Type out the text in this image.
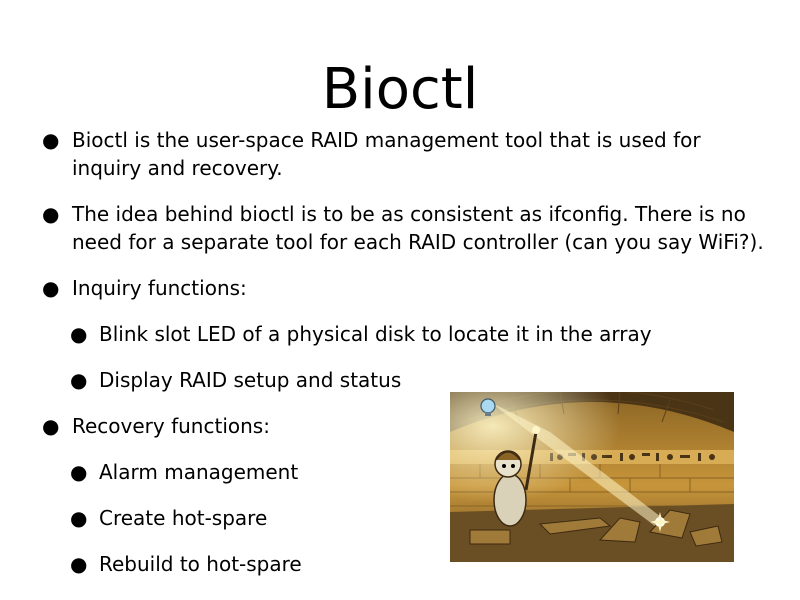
Bioctl
● Bioctl is the user-space RAID management tool that is used for inquiry and recovery.
● The idea behind bioctl is to be as consistent as ifconfig. There is no need for a separate tool for each RAID controller (can you say WiFi?).
● Inquiry functions:
● Blink slot LED of a physical disk to locate it in the array
● Display RAID setup and status
● Recovery functions:
● Alarm management
● Create hot-spare
● Rebuild to hot-spare
